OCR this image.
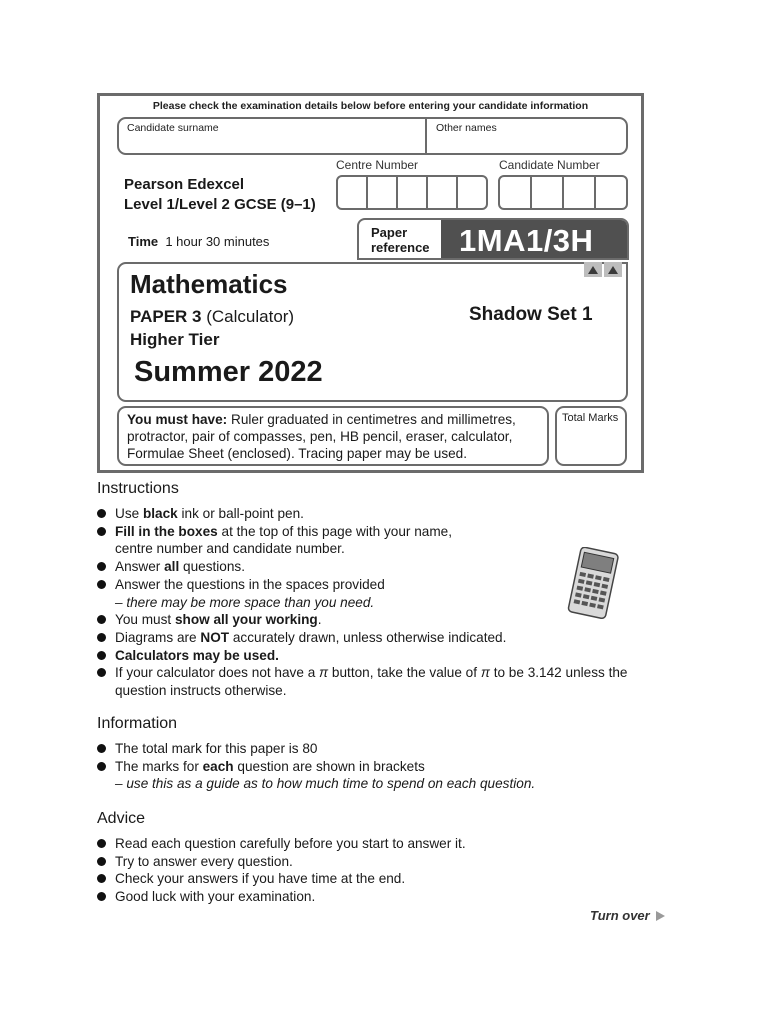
Please check the examination details below before entering your candidate information
Candidate surname	Other names
Centre Number	Candidate Number
Pearson Edexcel
Level 1/Level 2 GCSE (9–1)
Time 1 hour 30 minutes
Paper
reference 1MA1/3H
Mathematics
PAPER 3 (Calculator)
Higher Tier
Summer 2022
Shadow Set 1
You must have: Ruler graduated in centimetres and millimetres, protractor, pair of compasses, pen, HB pencil, eraser, calculator, Formulae Sheet (enclosed). Tracing paper may be used.
Total Marks
Instructions
Use black ink or ball-point pen.
Fill in the boxes at the top of this page with your name,
centre number and candidate number.
Answer all questions.
Answer the questions in the spaces provided
– there may be more space than you need.
You must show all your working.
Diagrams are NOT accurately drawn, unless otherwise indicated.
Calculators may be used.
If your calculator does not have a π button, take the value of π to be 3.142 unless the
question instructs otherwise.
Information
The total mark for this paper is 80
The marks for each question are shown in brackets
– use this as a guide as to how much time to spend on each question.
Advice
Read each question carefully before you start to answer it.
Try to answer every question.
Check your answers if you have time at the end.
Good luck with your examination.
Turn over
